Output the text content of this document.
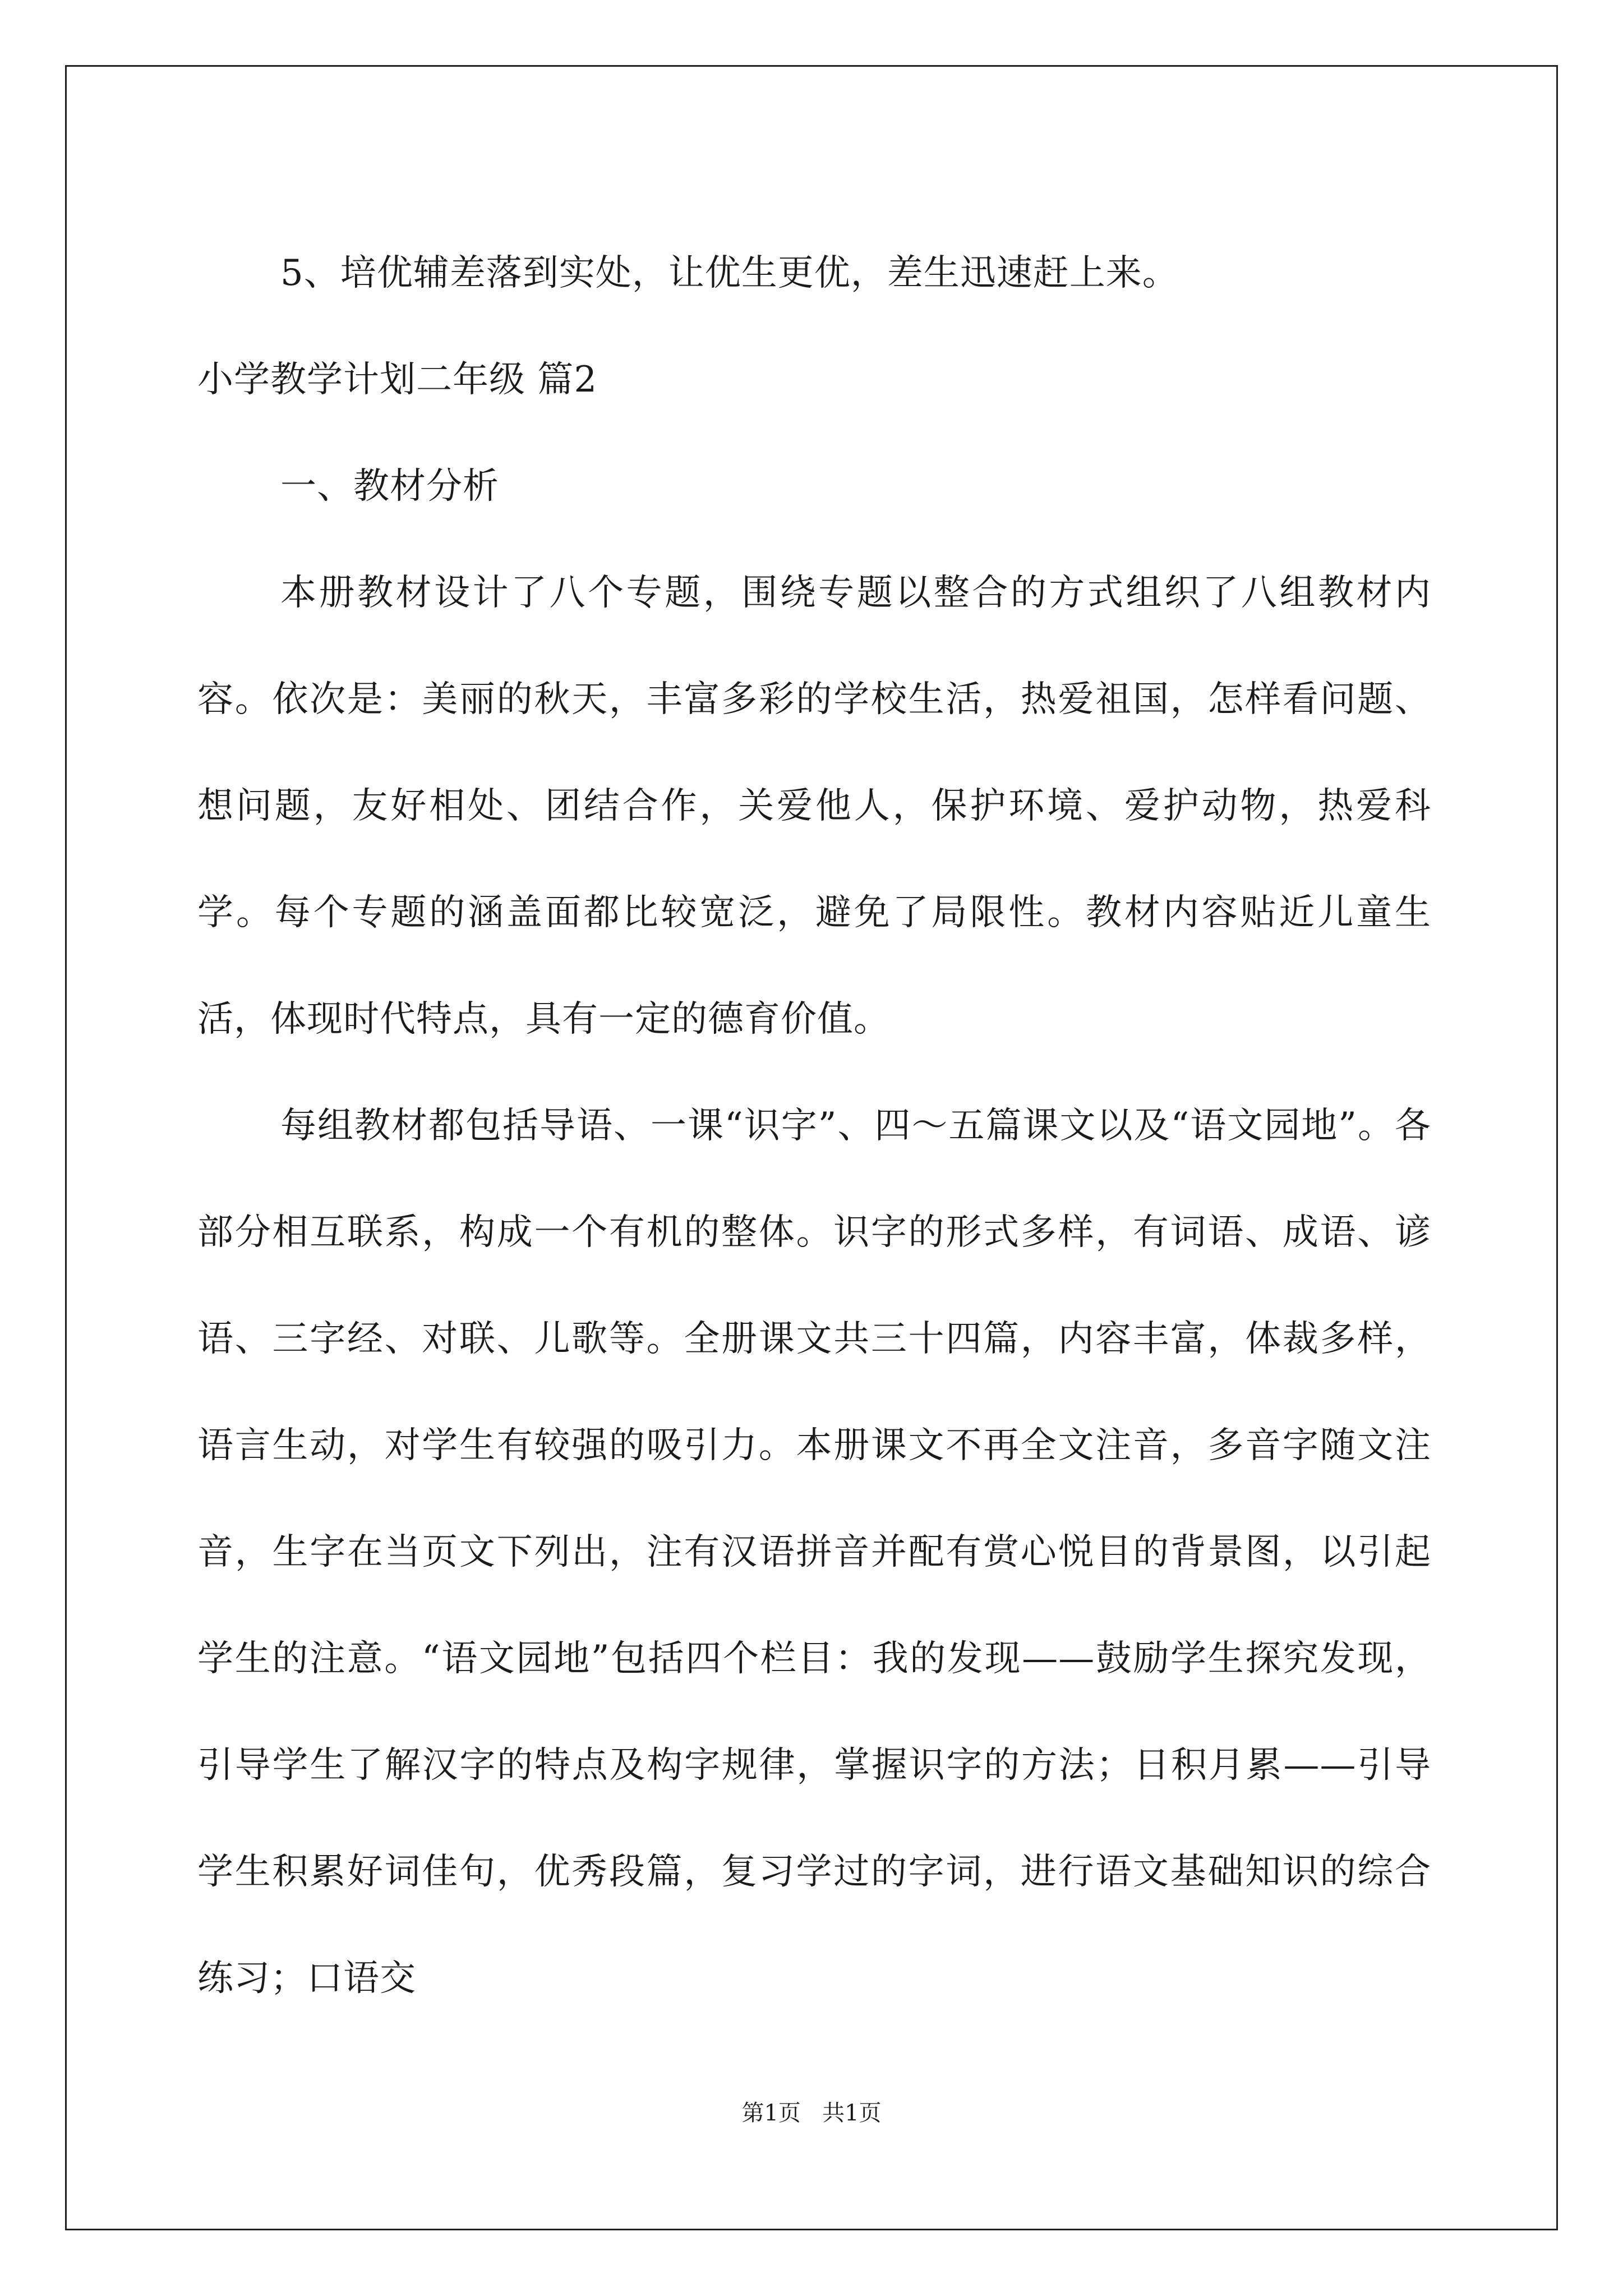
5、培优辅差落到实处，让优生更优，差生迅速赶上来。

小学教学计划二年级 篇2

一、教材分析

本册教材设计了八个专题，围绕专题以整合的方式组织了八组教材内容。依次是：美丽的秋天，丰富多彩的学校生活，热爱祖国，怎样看问题、想问题，友好相处、团结合作，关爱他人，保护环境、爱护动物，热爱科学。每个专题的涵盖面都比较宽泛，避免了局限性。教材内容贴近儿童生活，体现时代特点，具有一定的德育价值。

每组教材都包括导语、一课“识字”、四～五篇课文以及“语文园地”。各部分相互联系，构成一个有机的整体。识字的形式多样，有词语、成语、谚语、三字经、对联、儿歌等。全册课文共三十四篇，内容丰富，体裁多样，语言生动，对学生有较强的吸引力。本册课文不再全文注音，多音字随文注音，生字在当页文下列出，注有汉语拼音并配有赏心悦目的背景图，以引起学生的注意。“语文园地”包括四个栏目：我的发现——鼓励学生探究发现，引导学生了解汉字的特点及构字规律，掌握识字的方法；日积月累——引导学生积累好词佳句，优秀段篇，复习学过的字词，进行语文基础知识的综合练习；口语交

第1页 共1页
